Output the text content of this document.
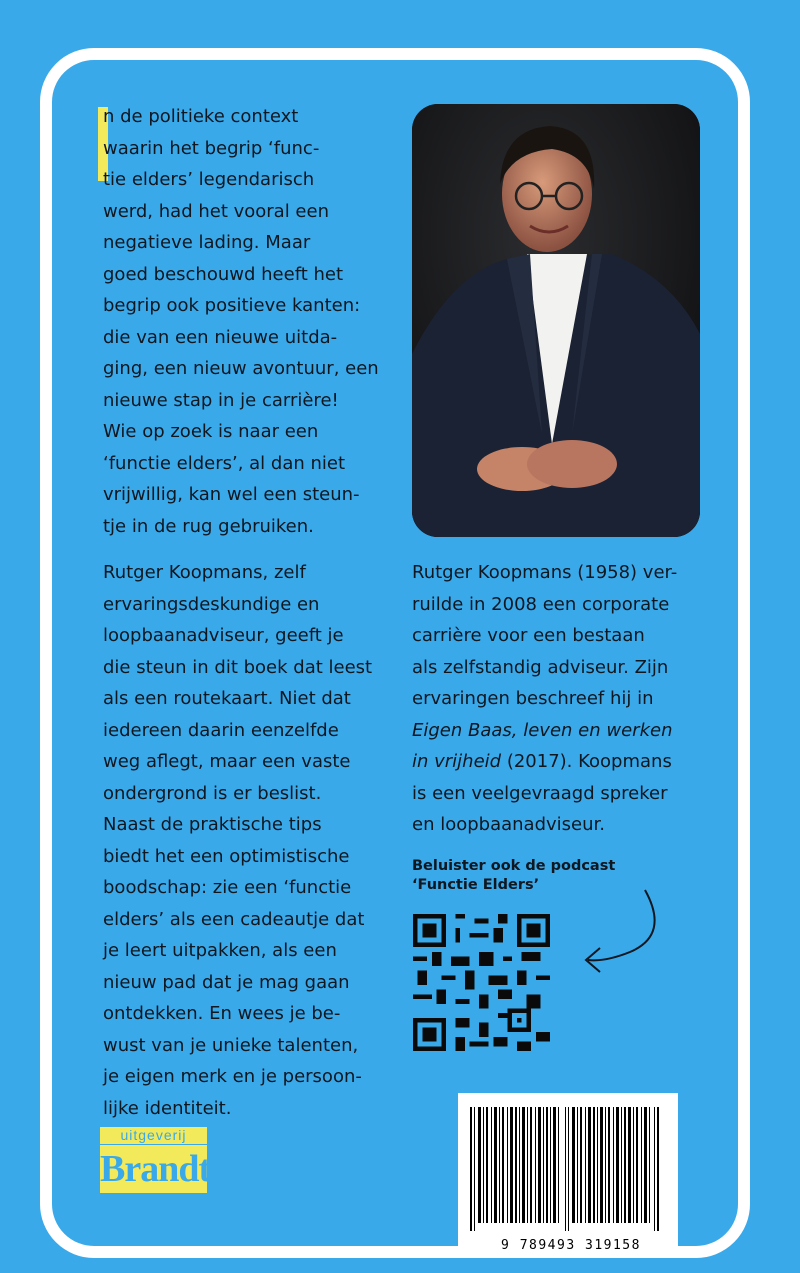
n de politieke context
waarin het begrip ‘func-
tie elders’ legendarisch
werd, had het vooral een
negatieve lading. Maar
goed beschouwd heeft het
begrip ook positieve kanten:
die van een nieuwe uitda-
ging, een nieuw avontuur, een
nieuwe stap in je carrière!
Wie op zoek is naar een
‘functie elders’, al dan niet
vrijwillig, kan wel een steun-
tje in de rug gebruiken.
Rutger Koopmans, zelf
ervaringsdeskundige en
loopbaanadviseur, geeft je
die steun in dit boek dat leest
als een routekaart. Niet dat
iedereen daarin eenzelfde
weg aflegt, maar een vaste
ondergrond is er beslist.
Naast de praktische tips
biedt het een optimistische
boodschap: zie een ‘functie
elders’ als een cadeautje dat
je leert uitpakken, als een
nieuw pad dat je mag gaan
ontdekken. En wees je be-
wust van je unieke talenten,
je eigen merk en je persoon-
lijke identiteit.
Rutger Koopmans (1958) ver-
ruilde in 2008 een corporate
carrière voor een bestaan
als zelfstandig adviseur. Zijn
ervaringen beschreef hij in
Eigen Baas, leven en werken
in vrijheid (2017). Koopmans
is een veelgevraagd spreker
en loopbaanadviseur.
Beluister ook de podcast
‘Functie Elders’
9 789493 319158
uitgeverij
Brandt
